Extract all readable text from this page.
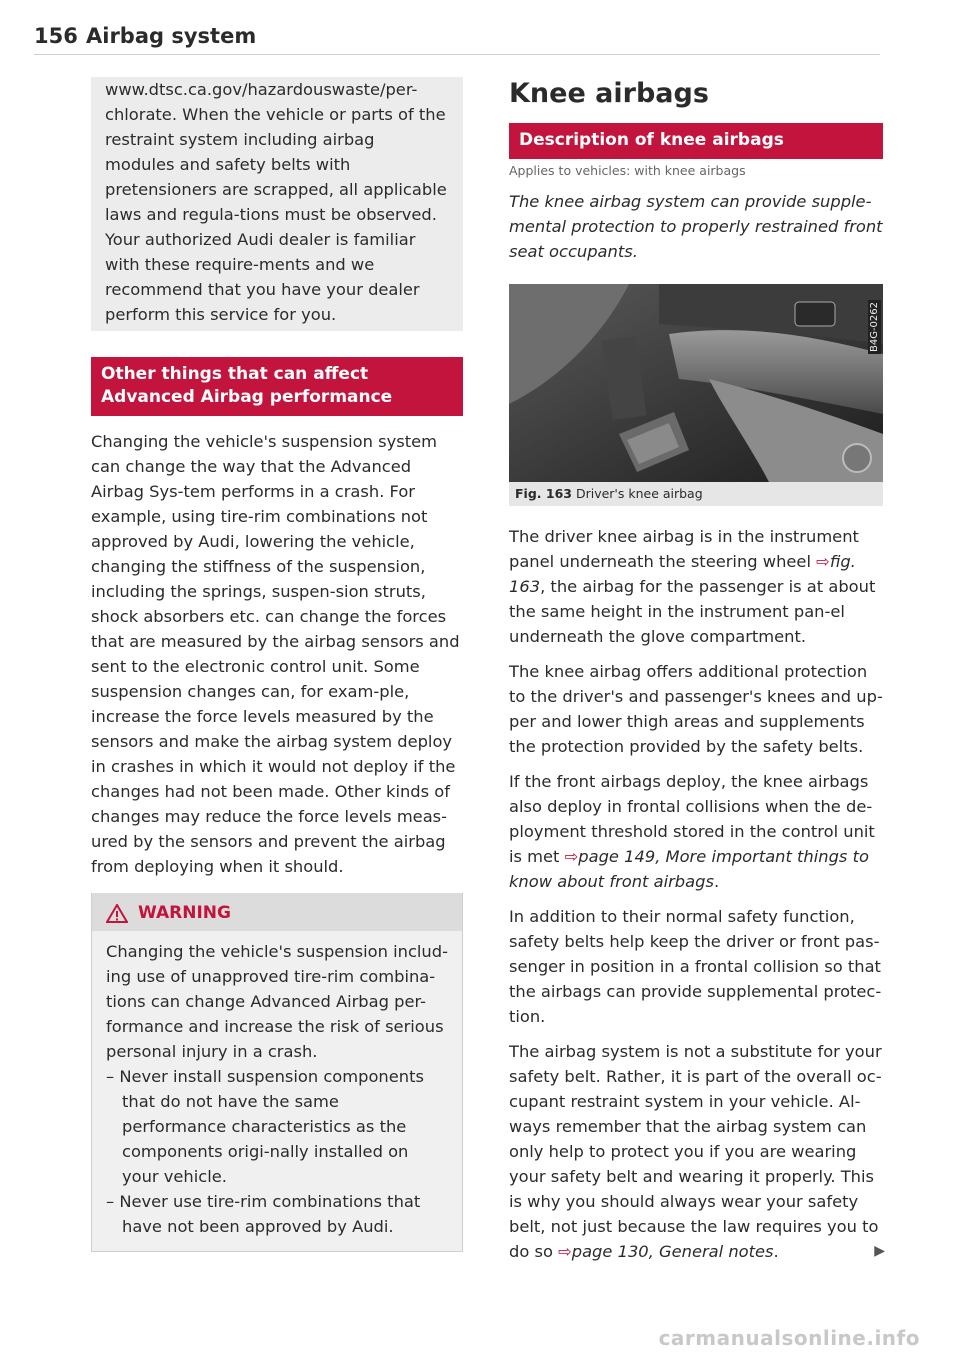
156 Airbag system

www.dtsc.ca.gov/hazardouswaste/per-chlorate. When the vehicle or parts of the restraint system including airbag modules and safety belts with pretensioners are scrapped, all applicable laws and regula-tions must be observed. Your authorized Audi dealer is familiar with these require-ments and we recommend that you have your dealer perform this service for you.

Other things that can affect Advanced Airbag performance

Changing the vehicle's suspension system can change the way that the Advanced Airbag Sys-tem performs in a crash. For example, using tire-rim combinations not approved by Audi, lowering the vehicle, changing the stiffness of the suspension, including the springs, suspen-sion struts, shock absorbers etc. can change the forces that are measured by the airbag sensors and sent to the electronic control unit. Some suspension changes can, for exam-ple, increase the force levels measured by the sensors and make the airbag system deploy in crashes in which it would not deploy if the changes had not been made. Other kinds of changes may reduce the force levels meas-ured by the sensors and prevent the airbag from deploying when it should.

WARNING

Changing the vehicle's suspension includ-ing use of unapproved tire-rim combina-tions can change Advanced Airbag per-formance and increase the risk of serious personal injury in a crash.

– Never install suspension components that do not have the same performance characteristics as the components origi-nally installed on your vehicle.
– Never use tire-rim combinations that have not been approved by Audi.
Knee airbags
Description of knee airbags
Applies to vehicles: with knee airbags

The knee airbag system can provide supple-mental protection to properly restrained front seat occupants.

B4G-0262
Fig. 163 Driver's knee airbag

The driver knee airbag is in the instrument panel underneath the steering wheel ⇨fig. 163, the airbag for the passenger is at about the same height in the instrument pan-el underneath the glove compartment.

The knee airbag offers additional protection to the driver's and passenger's knees and up-per and lower thigh areas and supplements the protection provided by the safety belts.

If the front airbags deploy, the knee airbags also deploy in frontal collisions when the de-ployment threshold stored in the control unit is met ⇨page 149, More important things to know about front airbags.

In addition to their normal safety function, safety belts help keep the driver or front pas-senger in position in a frontal collision so that the airbags can provide supplemental protec-tion.

The airbag system is not a substitute for your safety belt. Rather, it is part of the overall oc-cupant restraint system in your vehicle. Al-ways remember that the airbag system can only help to protect you if you are wearing your safety belt and wearing it properly. This is why you should always wear your safety belt, not just because the law requires you to do so ⇨page 130, General notes.	▶

carmanualsonline.info
